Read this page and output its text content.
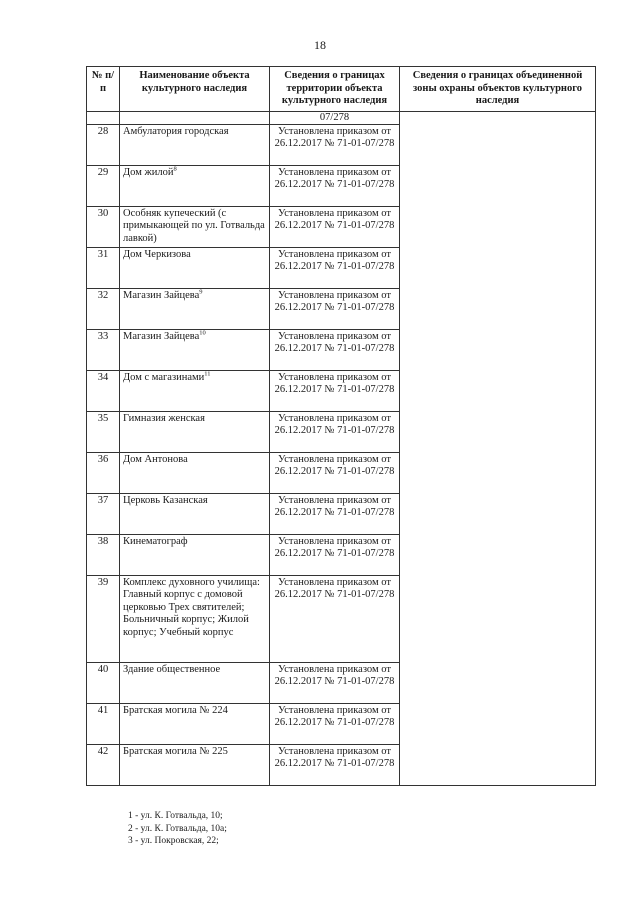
18
№ п/п	Наименование объекта культурного наследия	Сведения о границах территории объекта культурного наследия	Сведения о границах объединенной зоны охраны объектов культурного наследия
		07/278	
28	Амбулатория городская	Установлена приказом от 26.12.2017 № 71-01-07/278	
29	Дом жилой$^8$	Установлена приказом от 26.12.2017 № 71-01-07/278	
30	Особняк купеческий (с примыкающей по ул. Готвальда лавкой)	Установлена приказом от 26.12.2017 № 71-01-07/278	
31	Дом Черкизова	Установлена приказом от 26.12.2017 № 71-01-07/278	
32	Магазин Зайцева$^9$	Установлена приказом от 26.12.2017 № 71-01-07/278	
33	Магазин Зайцева$^{10}$	Установлена приказом от 26.12.2017 № 71-01-07/278	
34	Дом с магазинами$^{11}$	Установлена приказом от 26.12.2017 № 71-01-07/278	
35	Гимназия женская	Установлена приказом от 26.12.2017 № 71-01-07/278	
36	Дом Антонова	Установлена приказом от 26.12.2017 № 71-01-07/278	
37	Церковь Казанская	Установлена приказом от 26.12.2017 № 71-01-07/278	
38	Кинематограф	Установлена приказом от 26.12.2017 № 71-01-07/278	
39	Комплекс духовного училища: Главный корпус с домовой церковью Трех святителей; Больничный корпус; Жилой корпус; Учебный корпус	Установлена приказом от 26.12.2017 № 71-01-07/278	
40	Здание общественное	Установлена приказом от 26.12.2017 № 71-01-07/278	
41	Братская могила № 224	Установлена приказом от 26.12.2017 № 71-01-07/278	
42	Братская могила № 225	Установлена приказом от 26.12.2017 № 71-01-07/278	
1 - ул. К. Готвальда, 10;
2 - ул. К. Готвальда, 10а;
3 - ул. Покровская, 22;
